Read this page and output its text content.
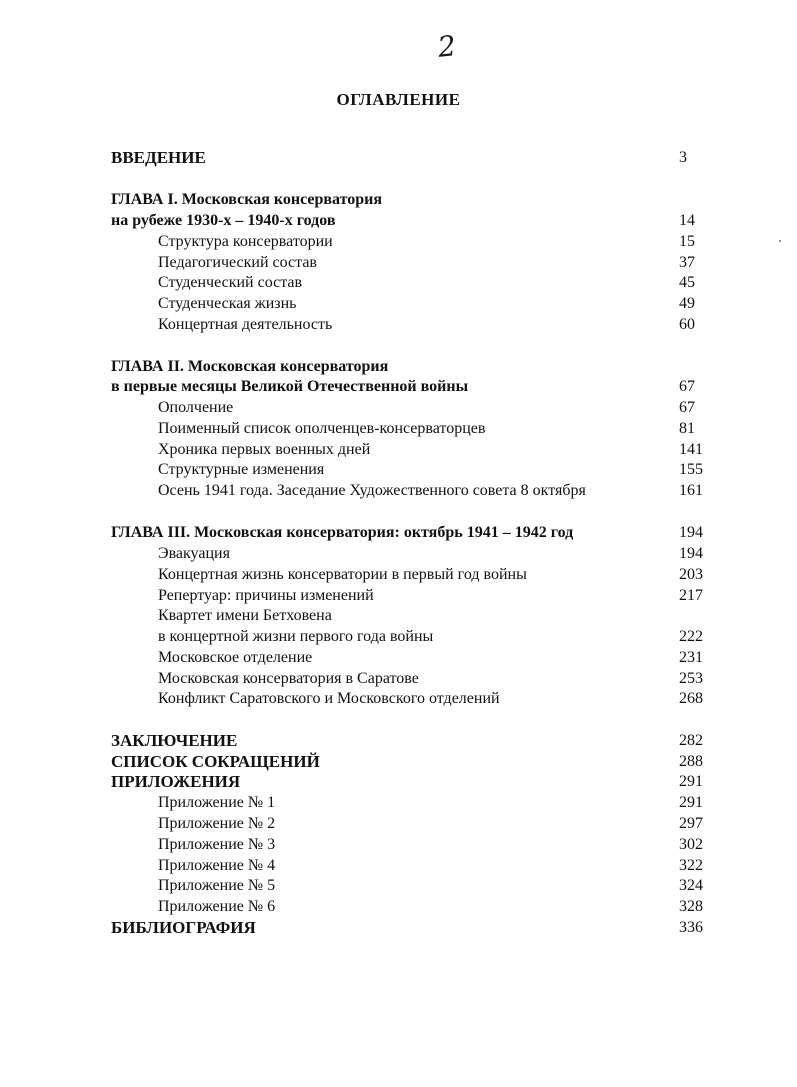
2
ОГЛАВЛЕНИЕ
ВВЕДЕНИЕ	3
ГЛАВА I. Московская консерватория
на рубеже 1930-х – 1940-х годов	14
Структура консерватории	15
Педагогический состав	37
Студенческий состав	45
Студенческая жизнь	49
Концертная деятельность	60
ГЛАВА II. Московская консерватория
в первые месяцы Великой Отечественной войны	67
Ополчение	67
Поименный список ополченцев-консерваторцев	81
Хроника первых военных дней	141
Структурные изменения	155
Осень 1941 года. Заседание Художественного совета 8 октября	161
ГЛАВА III. Московская консерватория: октябрь 1941 – 1942 год	194
Эвакуация	194
Концертная жизнь консерватории в первый год войны	203
Репертуар: причины изменений	217
Квартет имени Бетховена
в концертной жизни первого года войны	222
Московское отделение	231
Московская консерватория в Саратове	253
Конфликт Саратовского и Московского отделений	268
ЗАКЛЮЧЕНИЕ	282
СПИСОК СОКРАЩЕНИЙ	288
ПРИЛОЖЕНИЯ	291
Приложение № 1	291
Приложение № 2	297
Приложение № 3	302
Приложение № 4	322
Приложение № 5	324
Приложение № 6	328
БИБЛИОГРАФИЯ	336
